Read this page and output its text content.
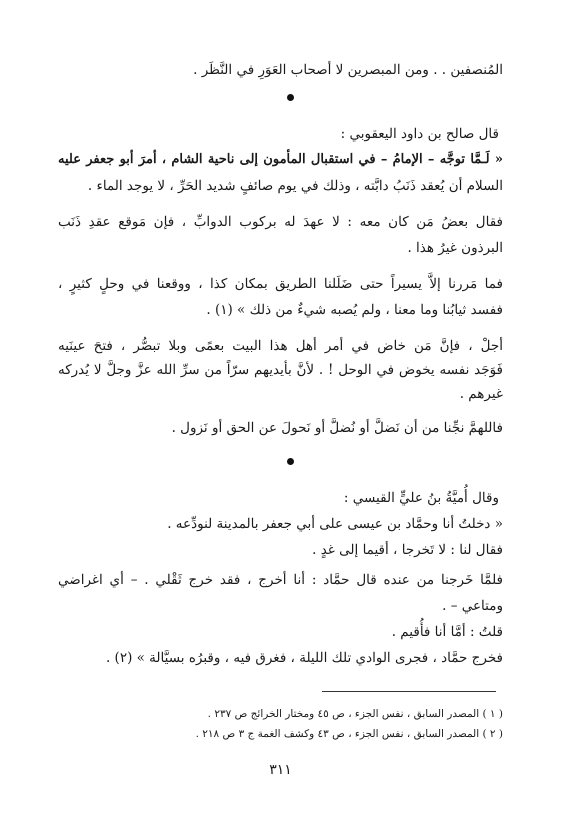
المُنصفين . . ومن المبصرين لا أصحاب العَوَرِ في النَّظَر .
قال صالح بن داود اليعقوبي :
« لَـمَّا توجَّه – الإمامُ – في استقبال المأمون إلى ناحية الشام ، أمرَ أبو جعفر عليه
السلام أن يُعقد ذَنَبُ دابَّته ، وذلك في يوم صائفٍ شديد الحَرِّ ، لا يوجد الماء .
فقال بعضُ مَن كان معه : لا عهدَ له بركوب الدوابِّ ، فإن مَوقع عقدِ ذَنَب
البرذون غيرُ هذا .
فما مَررنا إلاَّ يسيراً حتى ضَلَلنا الطريق بمكان كذا ، ووقعنا في وحلٍ كثيرٍ ،
ففسد ثيابُنا وما معنا ، ولم يُصبه شيءٌ من ذلك » (١) .
أجلْ ، فإنَّ مَن خاض في أمر أهل هذا البيت بعمًى وبلا تبصُّر ، فتحَ عينَيه
فَوَجَد نفسه يخوض في الوحل ! . لأنَّ بأيديهم سرّاً من سرِّ الله عزَّ وجلَّ لا يُدركه
غيرهم .
فاللهمَّ نجِّنا من أن نَضلَّ أو نُضلَّ أو نَحولَ عن الحق أو نَزول .
وقال أُميَّةُ بنُ عليٍّ القيسي :
« دخلتُ أنا وحمَّاد بن عيسى على أبي جعفر بالمدينة لنودِّعه .
فقال لنا : لا تَخرجا ، أقيما إلى غدٍ .
فلمَّا خَرجنا من عنده قال حمَّاد : أنا أخرج ، فقد خرج ثَقْلي . – أي اغراضي
ومتاعي – .
قلتُ : أمَّا أنا فأُقيم .
فخرج حمَّاد ، فجرى الوادي تلك الليلة ، فغرق فيه ، وقبرُه بسيَّالة » (٢) .
( ١ ) المصدر السابق ، نفس الجزء ، ص ٤٥ ومختار الخرائج ص ٢٣٧ .
( ٢ ) المصدر السابق ، نفس الجزء ، ص ٤٣ وكشف الغمة ج ٣ ص ٢١٨ .
٣١١
